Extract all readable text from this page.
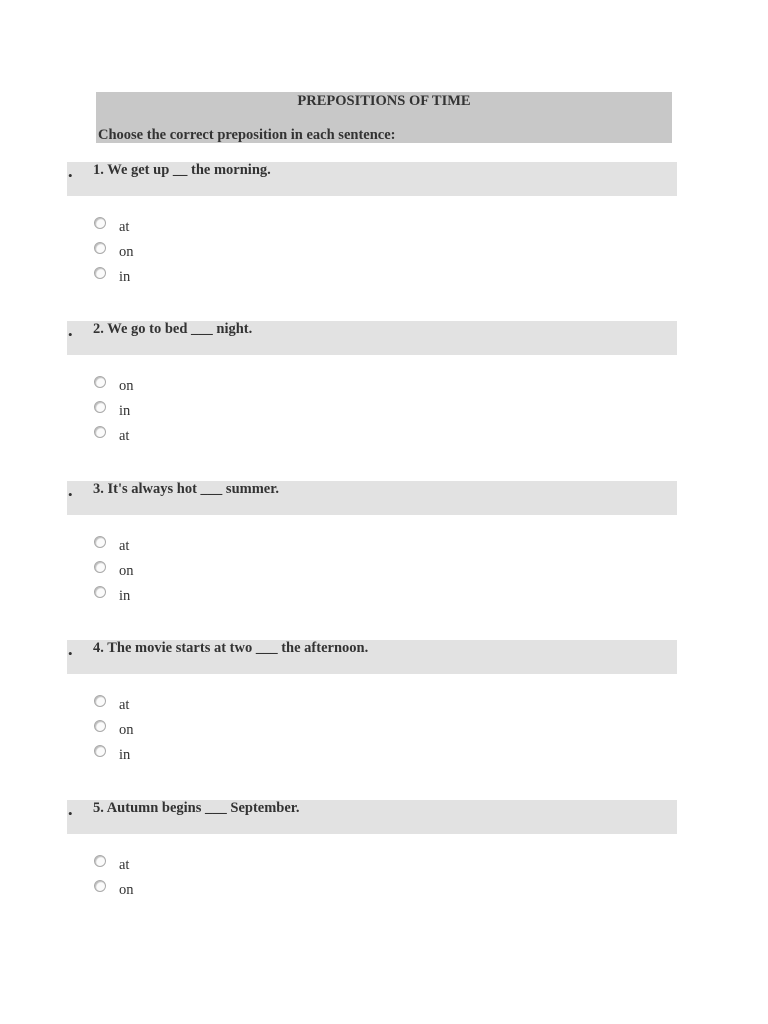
PREPOSITIONS OF TIME
Choose the correct preposition in each sentence:
• 1. We get up __ the morning.
at
on
in
• 2. We go to bed ___ night.
on
in
at
• 3. It's always hot ___ summer.
at
on
in
• 4. The movie starts at two ___ the afternoon.
at
on
in
• 5. Autumn begins ___ September.
at
on
